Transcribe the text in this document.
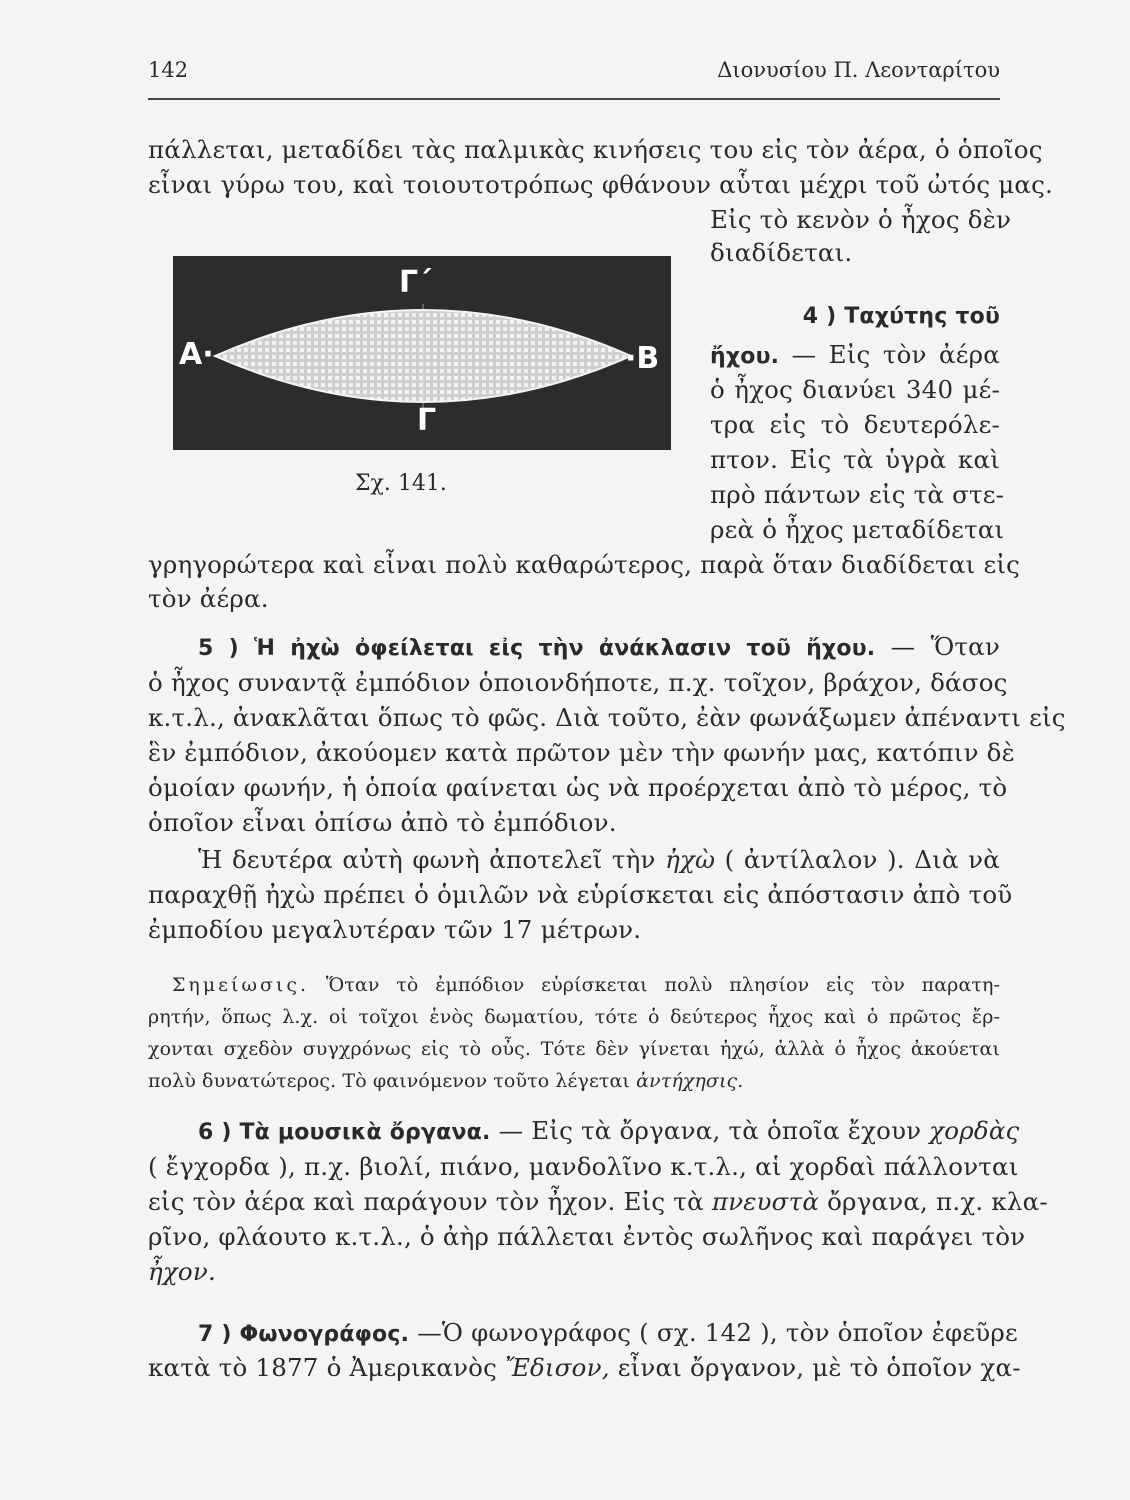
142	Διονυσίου Π. Λεονταρίτου
πάλλεται, μεταδίδει τὰς παλμικὰς κινήσεις του εἰς τὸν ἀέρα, ὁ ὁποῖος
εἶναι γύρω του, καὶ τοιουτοτρόπως φθάνουν αὗται μέχρι τοῦ ὠτός μας.
Εἰς τὸ κενὸν ὁ ἦχος δὲν
διαδίδεται.
Γ΄
Γ
Α·	·Β
Σχ. 141.
4 ) Ταχύτης τοῦ
ἤχου. — Εἰς τὸν ἀέρα
ὁ ἦχος διανύει 340 μέ-
τρα εἰς τὸ δευτερόλε-
πτον. Εἰς τὰ ὑγρὰ καὶ
πρὸ πάντων εἰς τὰ στε-
ρεὰ ὁ ἦχος μεταδίδεται
γρηγορώτερα καὶ εἶναι πολὺ καθαρώτερος, παρὰ ὅταν διαδίδεται εἰς
τὸν ἀέρα.
5 ) Ἡ ἠχὼ ὀφείλεται εἰς τὴν ἀνάκλασιν τοῦ ἤχου. — Ὅταν
ὁ ἦχος συναντᾷ ἐμπόδιον ὁποιονδήποτε, π.χ. τοῖχον, βράχον, δάσος
κ.τ.λ., ἀνακλᾶται ὅπως τὸ φῶς. Διὰ τοῦτο, ἐὰν φωνάξωμεν ἀπέναντι εἰς
ἓν ἐμπόδιον, ἀκούομεν κατὰ πρῶτον μὲν τὴν φωνήν μας, κατόπιν δὲ
ὁμοίαν φωνήν, ἡ ὁποία φαίνεται ὡς νὰ προέρχεται ἀπὸ τὸ μέρος, τὸ
ὁποῖον εἶναι ὀπίσω ἀπὸ τὸ ἐμπόδιον.
Ἡ δευτέρα αὐτὴ φωνὴ ἀποτελεῖ τὴν ἠχὼ ( ἀντίλαλον ). Διὰ νὰ
παραχθῇ ἠχὼ πρέπει ὁ ὁμιλῶν νὰ εὑρίσκεται εἰς ἀπόστασιν ἀπὸ τοῦ
ἐμποδίου μεγαλυτέραν τῶν 17 μέτρων.
Σημείωσις. Ὅταν τὸ ἐμπόδιον εὑρίσκεται πολὺ πλησίον εἰς τὸν παρατη-
ρητήν, ὅπως λ.χ. οἱ τοῖχοι ἑνὸς δωματίου, τότε ὁ δεύτερος ἦχος καὶ ὁ πρῶτος ἔρ-
χονται σχεδὸν συγχρόνως εἰς τὸ οὖς. Τότε δὲν γίνεται ἠχώ, ἀλλὰ ὁ ἦχος ἀκούεται
πολὺ δυνατώτερος. Τὸ φαινόμενον τοῦτο λέγεται ἀντήχησις.
6 ) Τὰ μουσικὰ ὄργανα. — Εἰς τὰ ὄργανα, τὰ ὁποῖα ἔχουν χορδὰς
( ἔγχορδα ), π.χ. βιολί, πιάνο, μανδολῖνο κ.τ.λ., αἱ χορδαὶ πάλλονται
εἰς τὸν ἀέρα καὶ παράγουν τὸν ἦχον. Εἰς τὰ πνευστὰ ὄργανα, π.χ. κλα-
ρῖνο, φλάουτο κ.τ.λ., ὁ ἀὴρ πάλλεται ἐντὸς σωλῆνος καὶ παράγει τὸν
ἦχον.
7 ) Φωνογράφος. —Ὁ φωνογράφος ( σχ. 142 ), τὸν ὁποῖον ἐφεῦρε
κατὰ τὸ 1877 ὁ Ἀμερικανὸς Ἔδισον, εἶναι ὄργανον, μὲ τὸ ὁποῖον χα-
